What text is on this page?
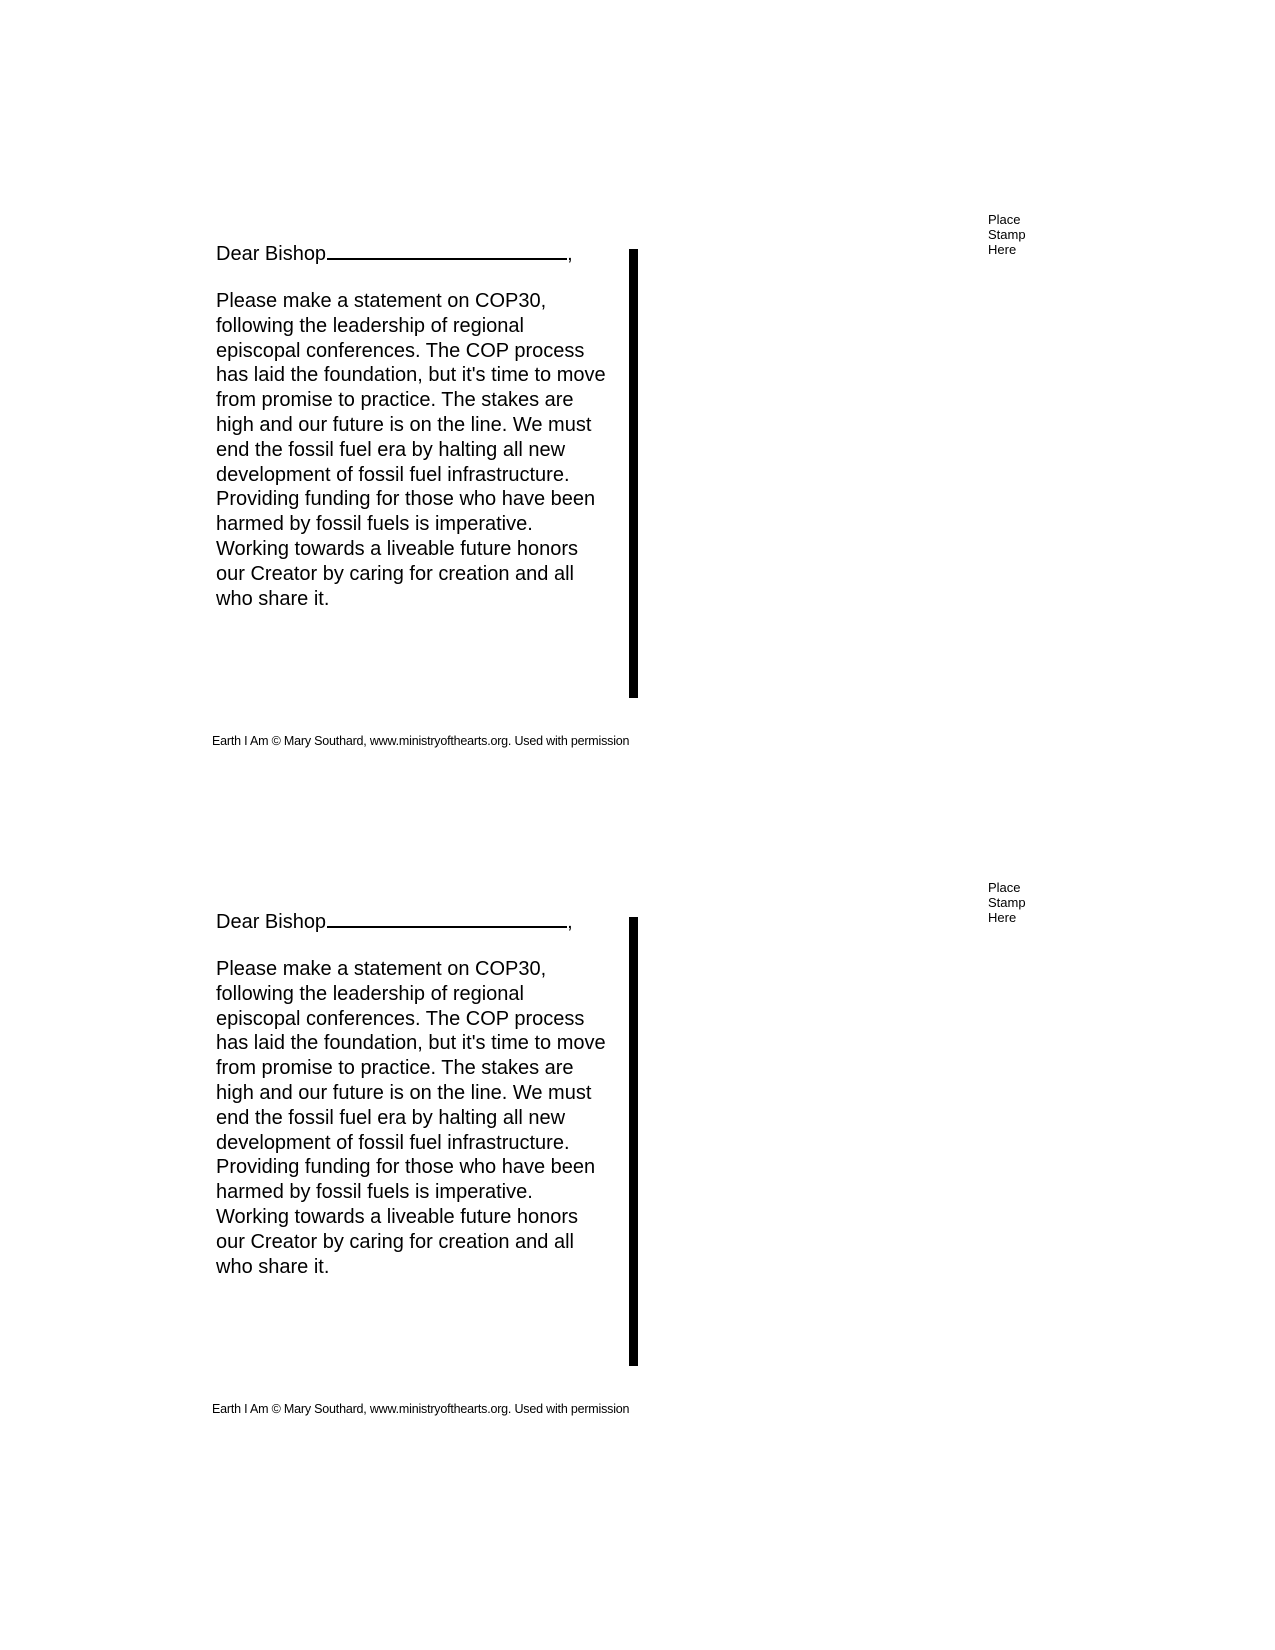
Place
Stamp
Here
Dear Bishop	,
Please make a statement on COP30,
following the leadership of regional
episcopal conferences. The COP process
has laid the foundation, but it's time to move
from promise to practice. The stakes are
high and our future is on the line. We must
end the fossil fuel era by halting all new
development of fossil fuel infrastructure.
Providing funding for those who have been
harmed by fossil fuels is imperative.
Working towards a liveable future honors
our Creator by caring for creation and all
who share it.
Earth I Am © Mary Southard, www.ministryofthearts.org. Used with permission
Place
Stamp
Here
Dear Bishop	,
Please make a statement on COP30,
following the leadership of regional
episcopal conferences. The COP process
has laid the foundation, but it's time to move
from promise to practice. The stakes are
high and our future is on the line. We must
end the fossil fuel era by halting all new
development of fossil fuel infrastructure.
Providing funding for those who have been
harmed by fossil fuels is imperative.
Working towards a liveable future honors
our Creator by caring for creation and all
who share it.
Earth I Am © Mary Southard, www.ministryofthearts.org. Used with permission
